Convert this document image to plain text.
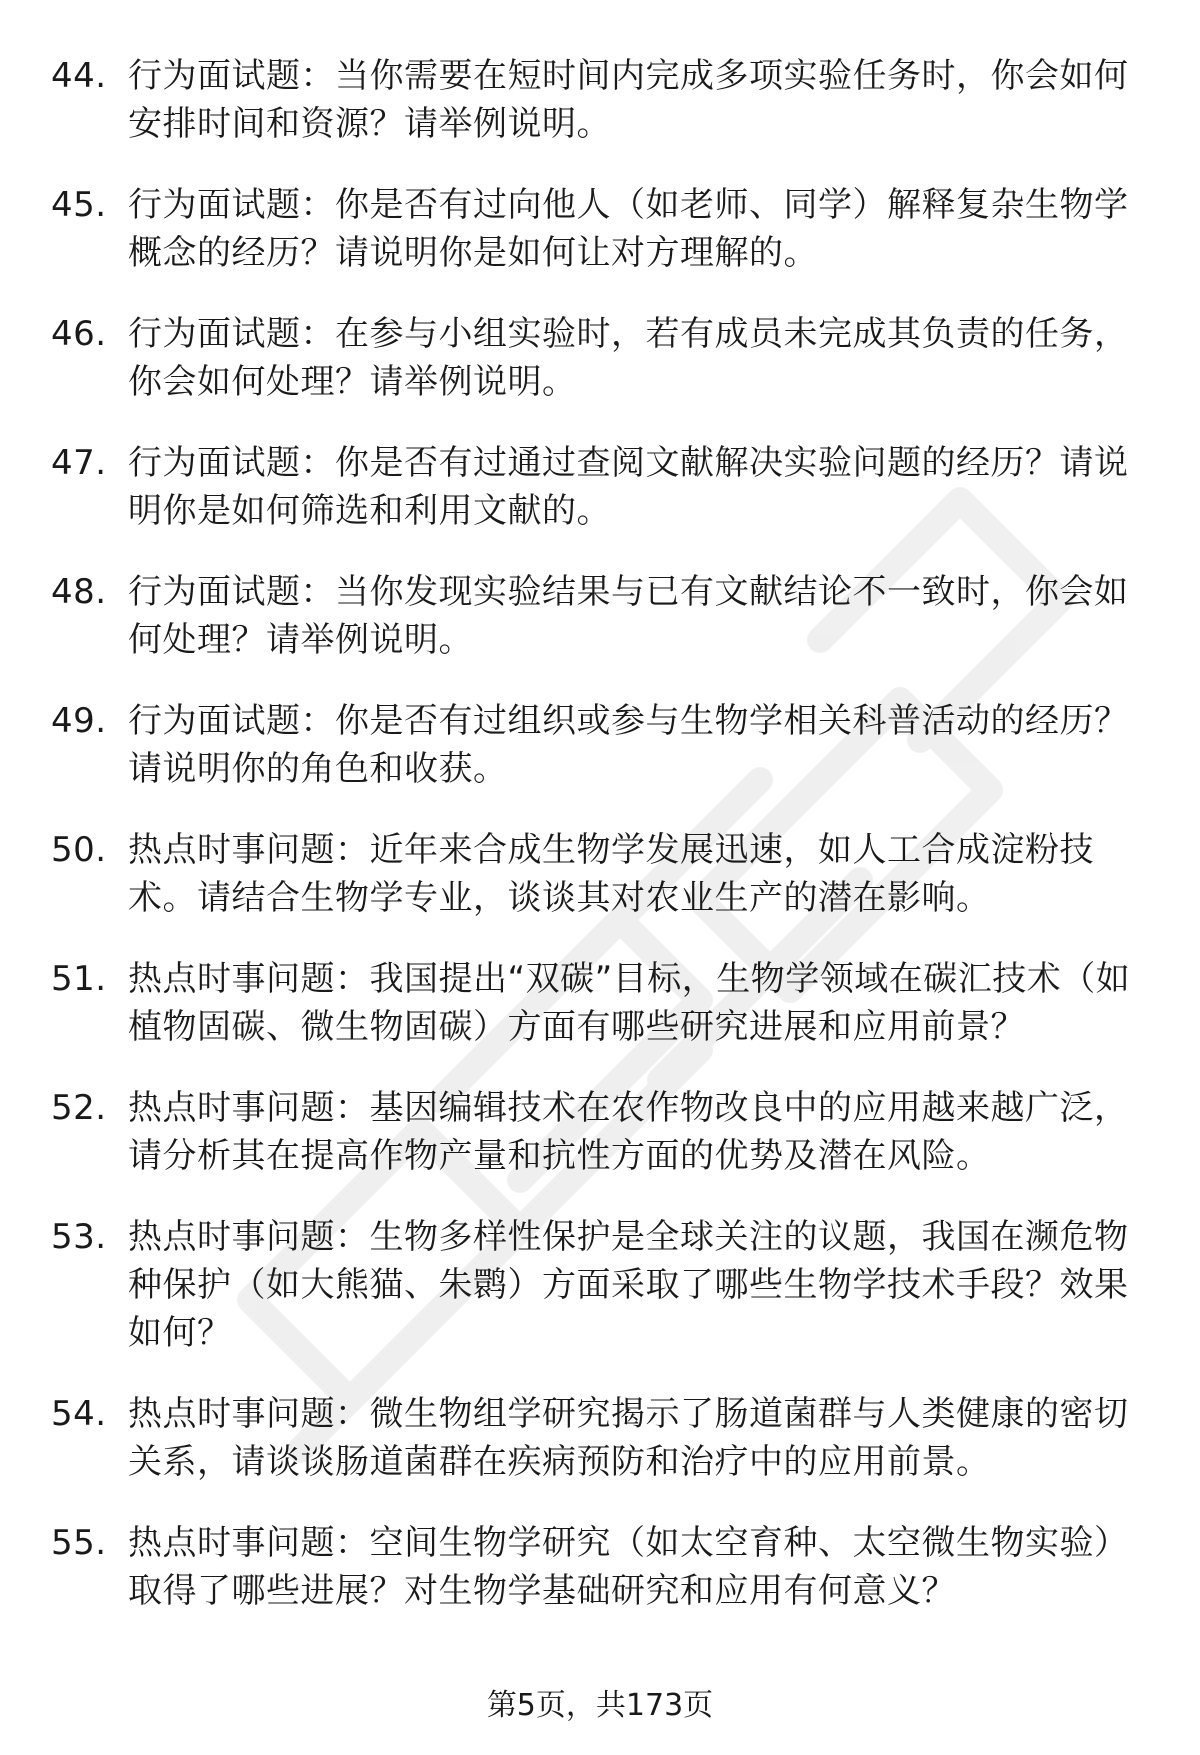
44. 行为面试题：当你需要在短时间内完成多项实验任务时，你会如何安排时间和资源？请举例说明。
45. 行为面试题：你是否有过向他人（如老师、同学）解释复杂生物学概念的经历？请说明你是如何让对方理解的。
46. 行为面试题：在参与小组实验时，若有成员未完成其负责的任务，你会如何处理？请举例说明。
47. 行为面试题：你是否有过通过查阅文献解决实验问题的经历？请说明你是如何筛选和利用文献的。
48. 行为面试题：当你发现实验结果与已有文献结论不一致时，你会如何处理？请举例说明。
49. 行为面试题：你是否有过组织或参与生物学相关科普活动的经历？请说明你的角色和收获。
50. 热点时事问题：近年来合成生物学发展迅速，如人工合成淀粉技术。请结合生物学专业，谈谈其对农业生产的潜在影响。
51. 热点时事问题：我国提出“双碳”目标，生物学领域在碳汇技术（如植物固碳、微生物固碳）方面有哪些研究进展和应用前景？
52. 热点时事问题：基因编辑技术在农作物改良中的应用越来越广泛，请分析其在提高作物产量和抗性方面的优势及潜在风险。
53. 热点时事问题：生物多样性保护是全球关注的议题，我国在濒危物种保护（如大熊猫、朱鹮）方面采取了哪些生物学技术手段？效果如何？
54. 热点时事问题：微生物组学研究揭示了肠道菌群与人类健康的密切关系，请谈谈肠道菌群在疾病预防和治疗中的应用前景。
55. 热点时事问题：空间生物学研究（如太空育种、太空微生物实验）取得了哪些进展？对生物学基础研究和应用有何意义？
第5页，共173页
